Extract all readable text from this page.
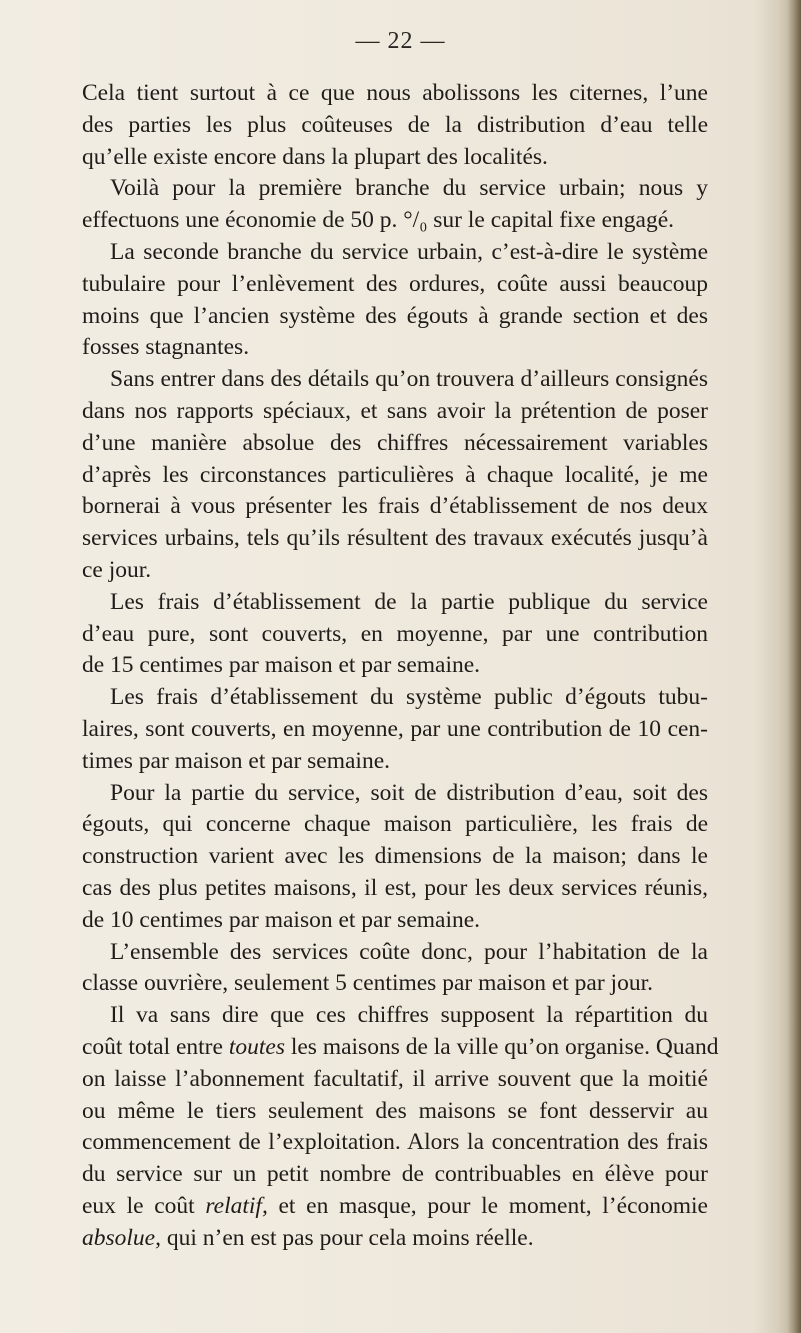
— 22 —
Cela tient surtout à ce que nous abolissons les citernes, l’une
des parties les plus coûteuses de la distribution d’eau telle
qu’elle existe encore dans la plupart des localités.
Voilà pour la première branche du service urbain; nous y
effectuons une économie de 50 p. °/₀ sur le capital fixe engagé.
La seconde branche du service urbain, c’est-à-dire le système
tubulaire pour l’enlèvement des ordures, coûte aussi beaucoup
moins que l’ancien système des égouts à grande section et des
fosses stagnantes.
Sans entrer dans des détails qu’on trouvera d’ailleurs consignés
dans nos rapports spéciaux, et sans avoir la prétention de poser
d’une manière absolue des chiffres nécessairement variables
d’après les circonstances particulières à chaque localité, je me
bornerai à vous présenter les frais d’établissement de nos deux
services urbains, tels qu’ils résultent des travaux exécutés jusqu’à
ce jour.
Les frais d’établissement de la partie publique du service
d’eau pure, sont couverts, en moyenne, par une contribution
de 15 centimes par maison et par semaine.
Les frais d’établissement du système public d’égouts tubu-
laires, sont couverts, en moyenne, par une contribution de 10 cen-
times par maison et par semaine.
Pour la partie du service, soit de distribution d’eau, soit des
égouts, qui concerne chaque maison particulière, les frais de
construction varient avec les dimensions de la maison; dans le
cas des plus petites maisons, il est, pour les deux services réunis,
de 10 centimes par maison et par semaine.
L’ensemble des services coûte donc, pour l’habitation de la
classe ouvrière, seulement 5 centimes par maison et par jour.
Il va sans dire que ces chiffres supposent la répartition du
coût total entre toutes les maisons de la ville qu’on organise. Quand
on laisse l’abonnement facultatif, il arrive souvent que la moitié
ou même le tiers seulement des maisons se font desservir au
commencement de l’exploitation. Alors la concentration des frais
du service sur un petit nombre de contribuables en élève pour
eux le coût relatif, et en masque, pour le moment, l’économie
absolue, qui n’en est pas pour cela moins réelle.
